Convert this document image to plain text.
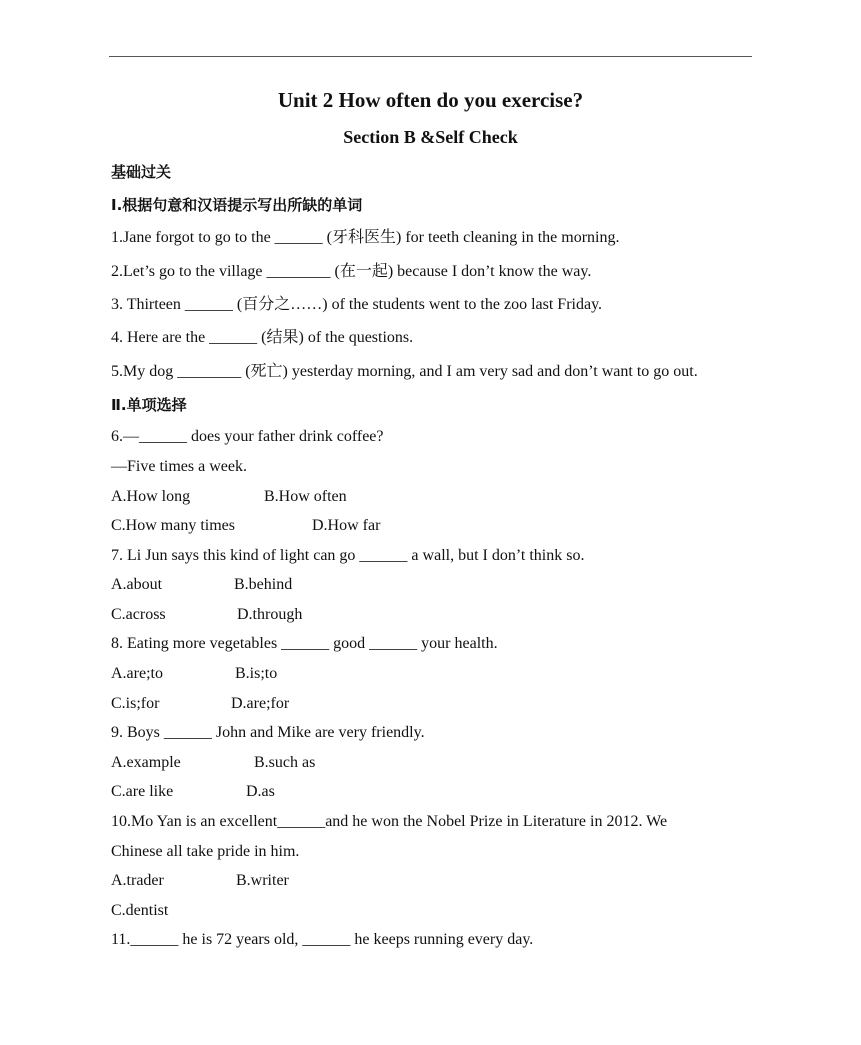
Unit 2 How often do you exercise?
Section B &Self Check
基础过关
Ⅰ.根据句意和汉语提示写出所缺的单词
1.Jane forgot to go to the ______ (牙科医生) for teeth cleaning in the morning.
2.Let’s go to the village ________ (在一起) because I don’t know the way.
3. Thirteen ______ (百分之……) of the students went to the zoo last Friday.
4. Here are the ______ (结果) of the questions.
5.My dog ________ (死亡) yesterday morning, and I am very sad and don’t want to go out.
Ⅱ.单项选择
6.—______ does your father drink coffee?
—Five times a week.
A.How long	B.How often
C.How many times	D.How far
7. Li Jun says this kind of light can go ______ a wall, but I don’t think so.
A.about	B.behind
C.across	D.through
8. Eating more vegetables ______ good ______ your health.
A.are;to	B.is;to
C.is;for	D.are;for
9. Boys ______ John and Mike are very friendly.
A.example	B.such as
C.are like	D.as
10.Mo Yan is an excellent______and he won the Nobel Prize in Literature in 2012. We
Chinese all take pride in him.
A.trader	B.writer
C.dentist
11.______ he is 72 years old, ______ he keeps running every day.
